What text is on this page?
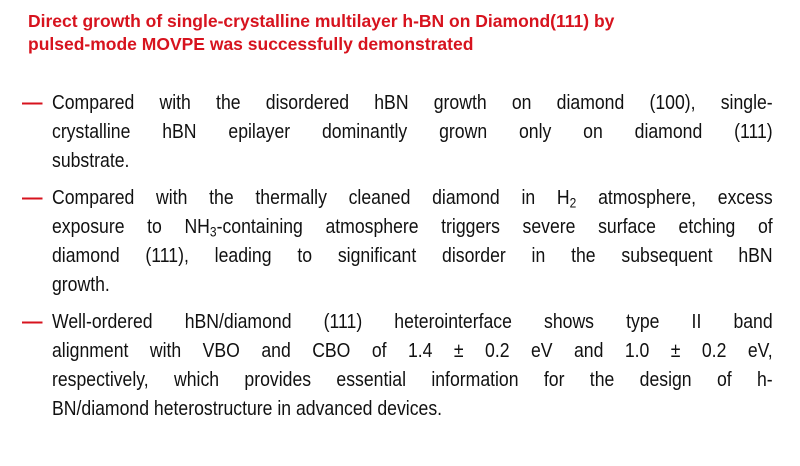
Direct growth of single-crystalline multilayer h-BN on Diamond(111) by
pulsed-mode MOVPE was successfully demonstrated
— Compared with the disordered hBN growth on diamond (100), single-
crystalline hBN epilayer dominantly grown only on diamond (111)
substrate.
— Compared with the thermally cleaned diamond in $H_2$ atmosphere, excess
exposure to $NH_3$-containing atmosphere triggers severe surface etching of
diamond (111), leading to significant disorder in the subsequent hBN
growth.
— Well-ordered hBN/diamond (111) heterointerface shows type II band
alignment with VBO and CBO of 1.4 ± 0.2 eV and 1.0 ± 0.2 eV,
respectively, which provides essential information for the design of h-
BN/diamond heterostructure in advanced devices.
